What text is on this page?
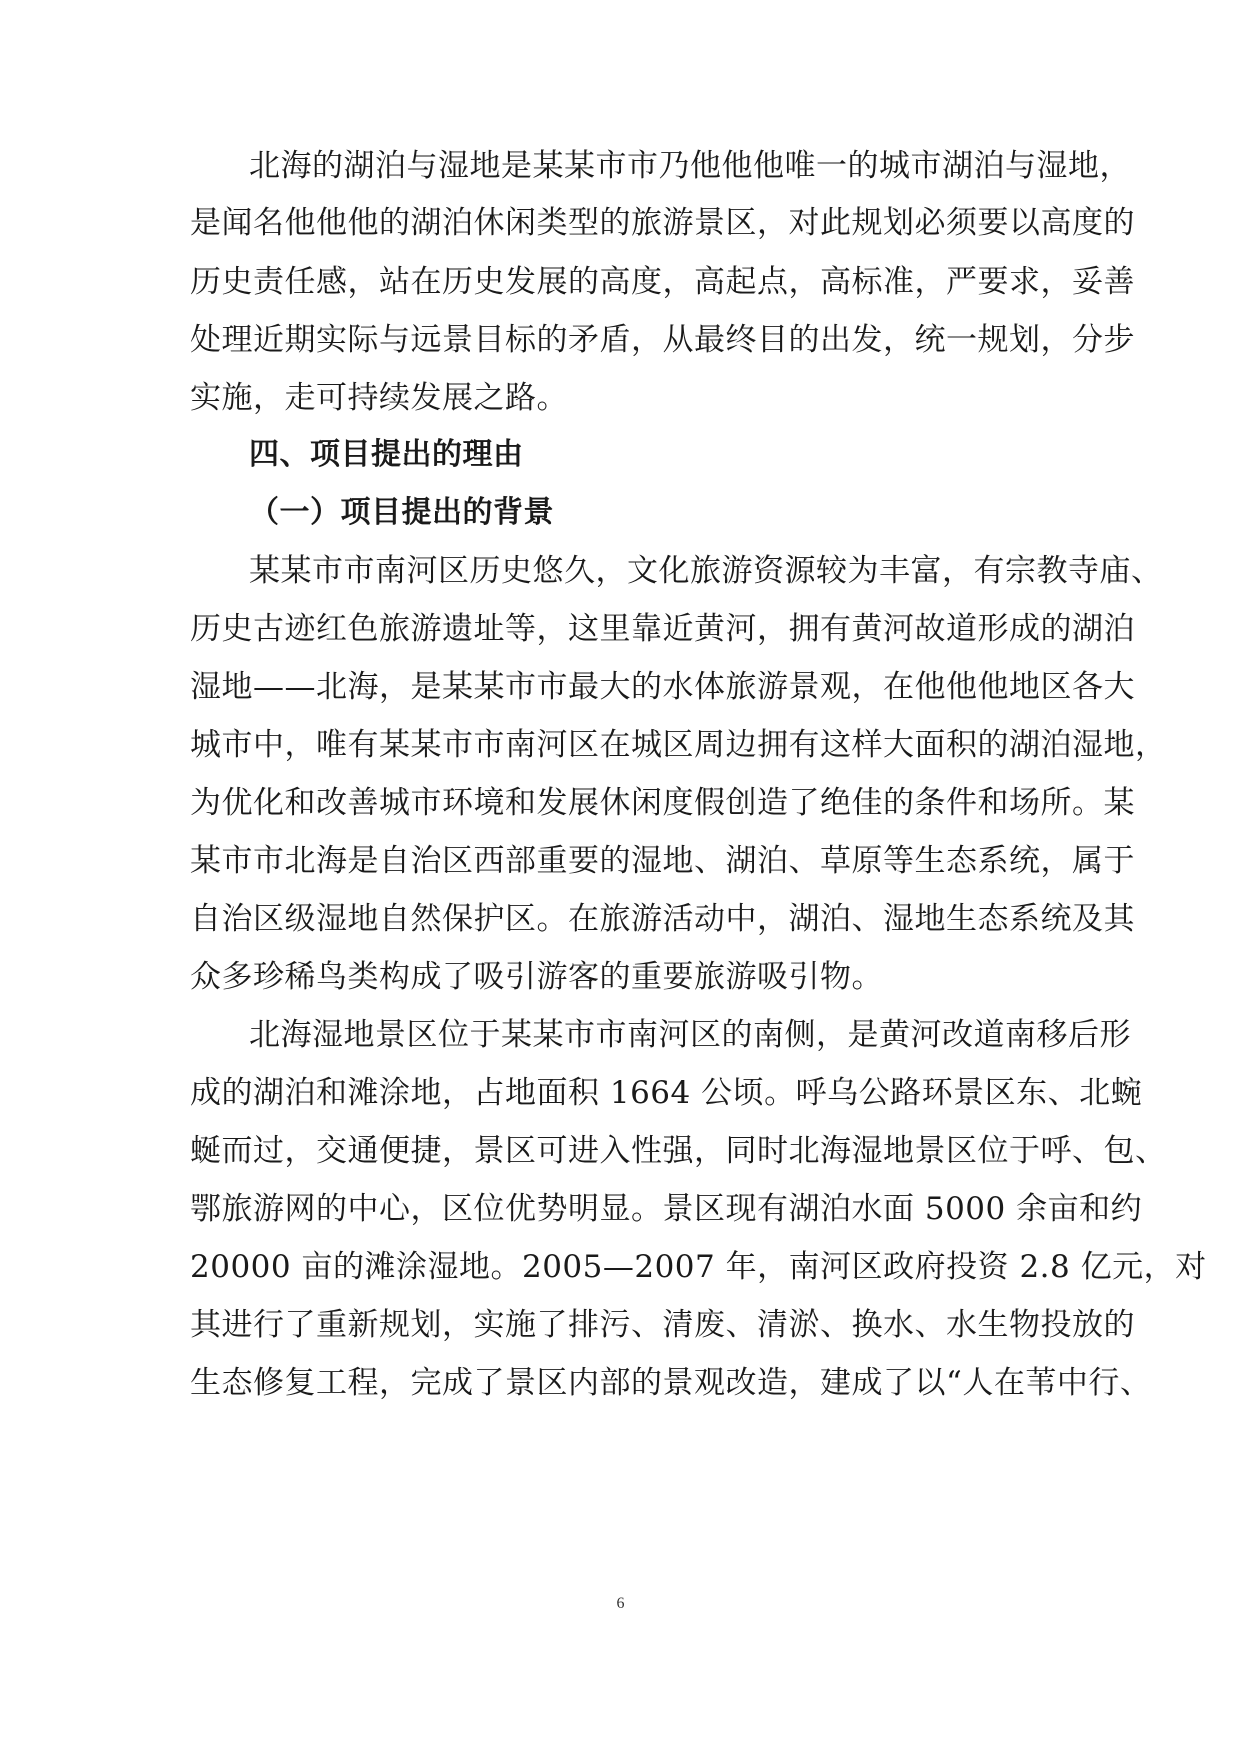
北海的湖泊与湿地是某某市市乃他他他唯一的城市湖泊与湿地，
是闻名他他他的湖泊休闲类型的旅游景区，对此规划必须要以高度的
历史责任感，站在历史发展的高度，高起点，高标准，严要求，妥善
处理近期实际与远景目标的矛盾，从最终目的出发，统一规划，分步
实施，走可持续发展之路。
四、项目提出的理由
（一）项目提出的背景
某某市市南河区历史悠久，文化旅游资源较为丰富，有宗教寺庙、
历史古迹红色旅游遗址等，这里靠近黄河，拥有黄河故道形成的湖泊
湿地——北海，是某某市市最大的水体旅游景观，在他他他地区各大
城市中，唯有某某市市南河区在城区周边拥有这样大面积的湖泊湿地，
为优化和改善城市环境和发展休闲度假创造了绝佳的条件和场所。某
某市市北海是自治区西部重要的湿地、湖泊、草原等生态系统，属于
自治区级湿地自然保护区。在旅游活动中，湖泊、湿地生态系统及其
众多珍稀鸟类构成了吸引游客的重要旅游吸引物。
北海湿地景区位于某某市市南河区的南侧，是黄河改道南移后形
成的湖泊和滩涂地，占地面积 1664 公顷。呼乌公路环景区东、北蜿
蜒而过，交通便捷，景区可进入性强，同时北海湿地景区位于呼、包、
鄂旅游网的中心，区位优势明显。景区现有湖泊水面 5000 余亩和约
20000 亩的滩涂湿地。2005—2007 年，南河区政府投资 2.8 亿元，对
其进行了重新规划，实施了排污、清废、清淤、换水、水生物投放的
生态修复工程，完成了景区内部的景观改造，建成了以“人在苇中行、
6
